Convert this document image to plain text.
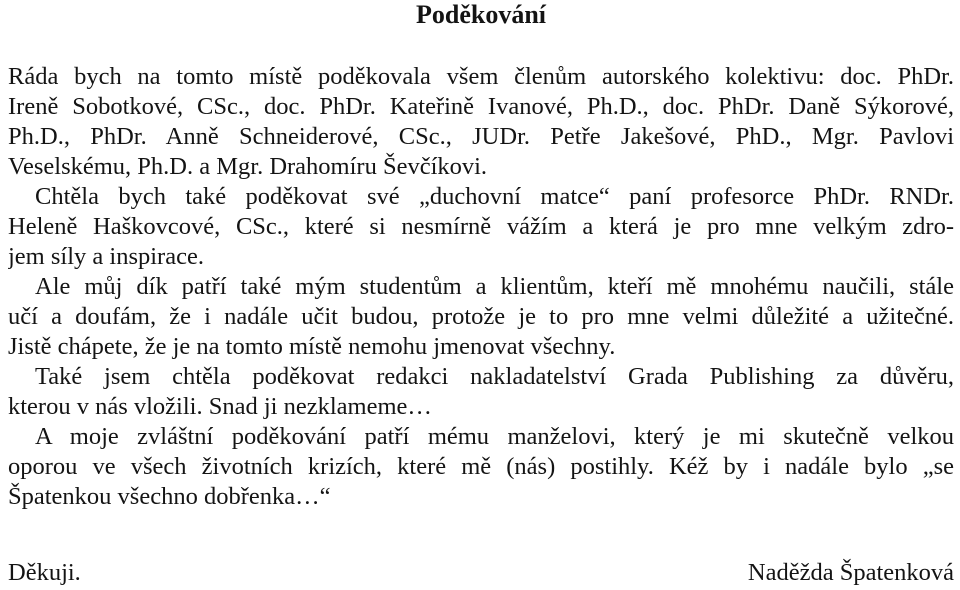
Poděkování
Ráda bych na tomto místě poděkovala všem členům autorského kolektivu: doc. PhDr.
Ireně Sobotkové, CSc., doc. PhDr. Kateřině Ivanové, Ph.D., doc. PhDr. Daně Sýkorové,
Ph.D., PhDr. Anně Schneiderové, CSc., JUDr. Petře Jakešové, PhD., Mgr. Pavlovi
Veselskému, Ph.D. a Mgr. Drahomíru Ševčíkovi.
Chtěla bych také poděkovat své „duchovní matce“ paní profesorce PhDr. RNDr.
Heleně Haškovcové, CSc., které si nesmírně vážím a která je pro mne velkým zdro-
jem síly a inspirace.
Ale můj dík patří také mým studentům a klientům, kteří mě mnohému naučili, stále
učí a doufám, že i nadále učit budou, protože je to pro mne velmi důležité a užitečné.
Jistě chápete, že je na tomto místě nemohu jmenovat všechny.
Také jsem chtěla poděkovat redakci nakladatelství Grada Publishing za důvěru,
kterou v nás vložili. Snad ji nezklameme…
A moje zvláštní poděkování patří mému manželovi, který je mi skutečně velkou
oporou ve všech životních krizích, které mě (nás) postihly. Kéž by i nadále bylo „se
Špatenkou všechno dobřenka…“
Děkuji.	Naděžda Špatenková
